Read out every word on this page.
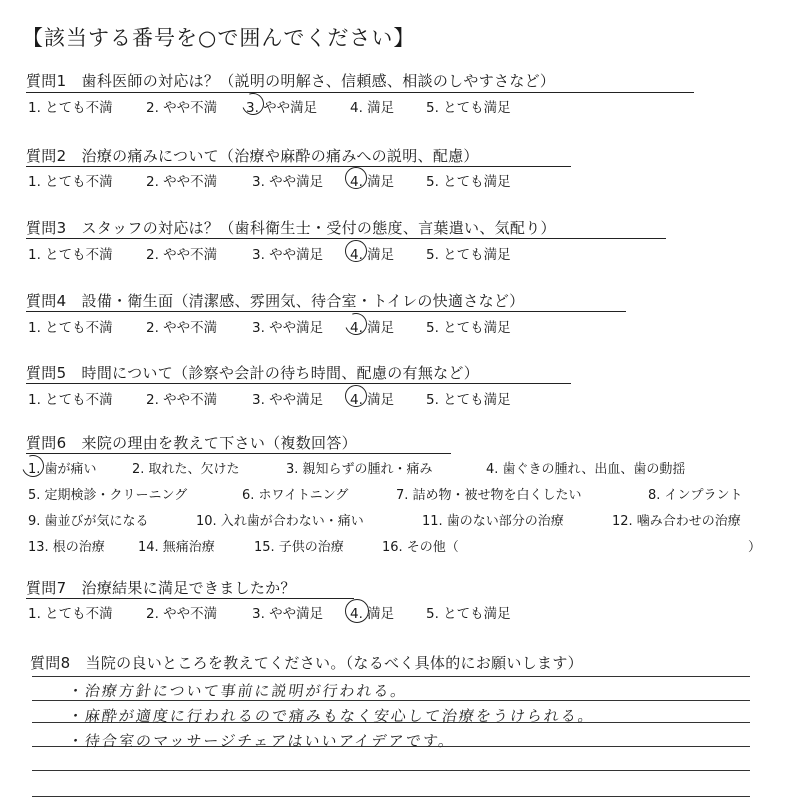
【該当する番号を○で囲んでください】
質問1 歯科医師の対応は？（説明の明解さ、信頼感、相談のしやすさなど）
1. とても不満 2. やや不満 3. やや満足 4. 満足 5. とても満足
質問2 治療の痛みについて（治療や麻酔の痛みへの説明、配慮）
1. とても不満 2. やや不満	3. やや満足 4. 満足 5. とても満足
質問3 スタッフの対応は？（歯科衛生士・受付の態度、言葉遣い、気配り）
1. とても不満 2. やや不満	3. やや満足 4. 満足 5. とても満足
質問4 設備・衛生面（清潔感、雰囲気、待合室・トイレの快適さなど）
1. とても不満 2. やや不満	3. やや満足 4. 満足 5. とても満足
質問5 時間について（診察や会計の待ち時間、配慮の有無など）
1. とても不満 2. やや不満	3. やや満足 4. 満足 5. とても満足
質問6 来院の理由を教えて下さい（複数回答）
1. 歯が痛い	2. 取れた、欠けた	3. 親知らずの腫れ・痛み	4. 歯ぐきの腫れ、出血、歯の動揺
5. 定期検診・クリーニング	6. ホワイトニング	7. 詰め物・被せ物を白くしたい	8. インプラント
9. 歯並びが気になる	10. 入れ歯が合わない・痛い	11. 歯のない部分の治療	12. 噛み合わせの治療
13. 根の治療	14. 無痛治療	15. 子供の治療	16. その他（	）
質問7 治療結果に満足できましたか？
1. とても不満 2. やや不満	3. やや満足 4. 満足 5. とても満足
質問8 当院の良いところを教えてください。（なるべく具体的にお願いします）
・治療方針について事前に説明が行われる。
・麻酔が適度に行われるので痛みもなく安心して治療をうけられる。
・待合室のマッサージチェアはいいアイデアです。
